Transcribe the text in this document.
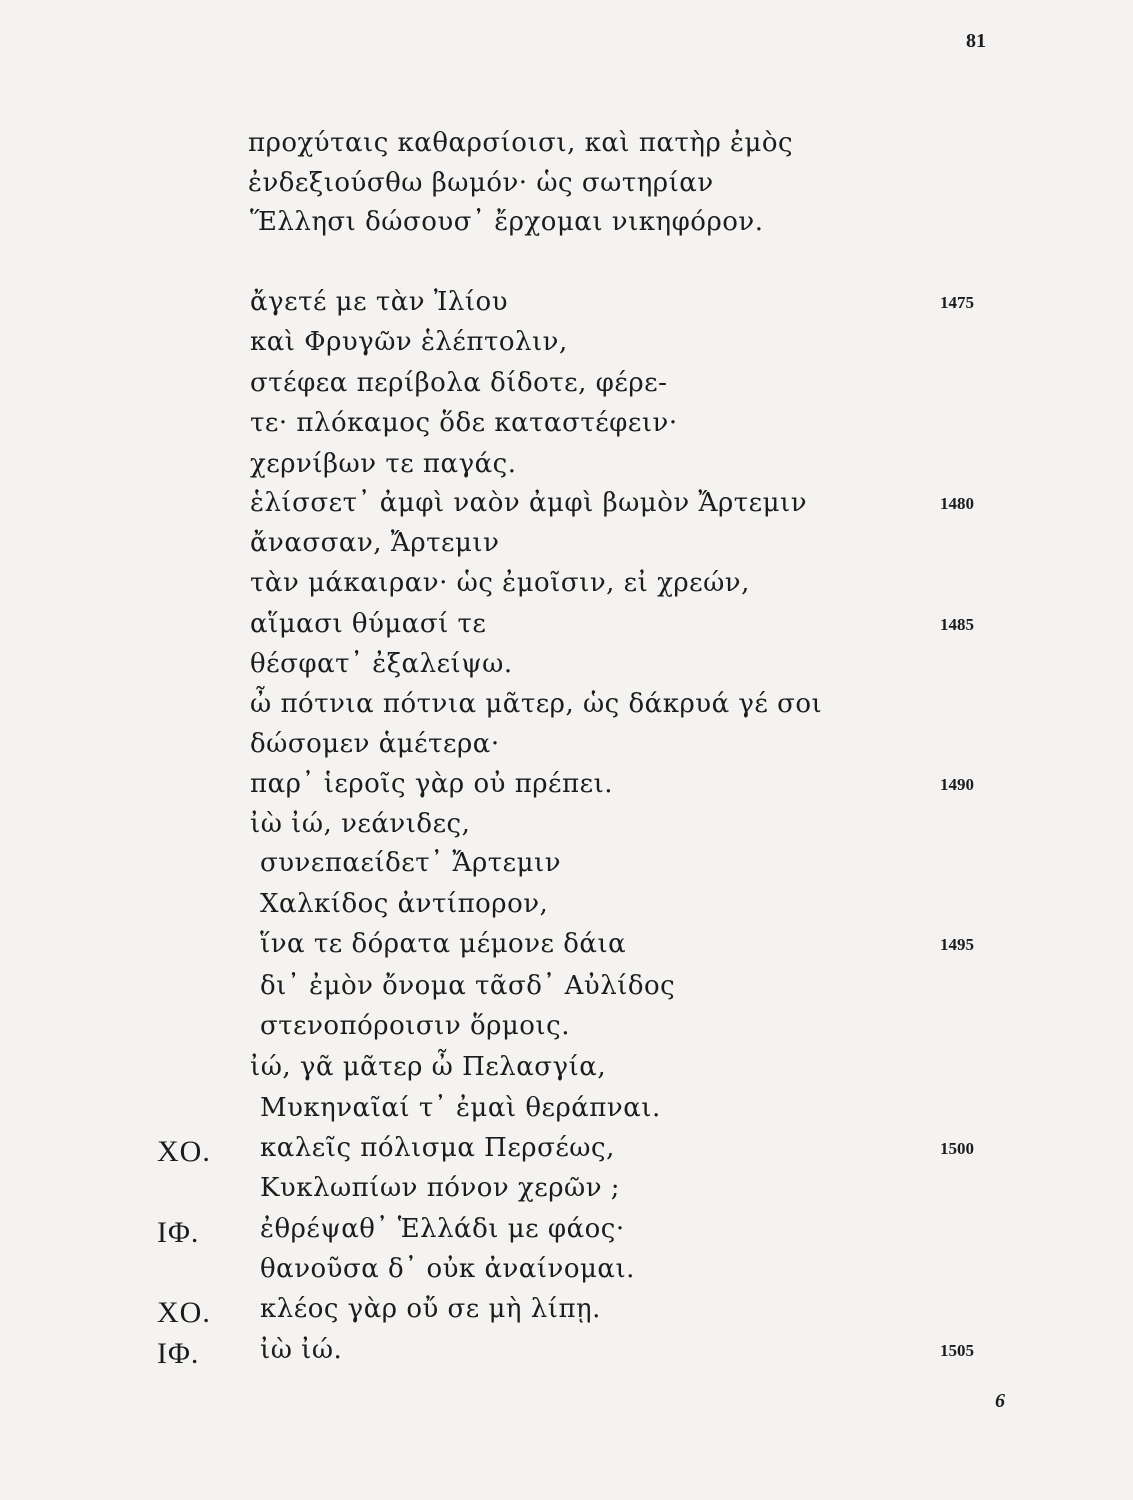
81
προχύταις καθαρσίοισι, καὶ πατὴρ ἐμὸς
ἐνδεξιούσθω βωμόν· ὡς σωτηρίαν
Ἕλλησι δώσουσ᾽ ἔρχομαι νικηφόρον.
ἄγετέ με τὰν Ἰλίου	1475
καὶ Φρυγῶν ἑλέπτολιν,
στέφεα περίβολα δίδοτε, φέρε-
τε· πλόκαμος ὅδε καταστέφειν·
χερνίβων τε παγάς.
ἑλίσσετ᾽ ἀμφὶ ναὸν ἀμφὶ βωμὸν Ἄρτεμιν	1480
ἄνασσαν, Ἄρτεμιν
τὰν μάκαιραν· ὡς ἐμοῖσιν, εἰ χρεών,
αἵμασι θύμασί τε	1485
θέσφατ᾽ ἐξαλείψω.
ὦ πότνια πότνια μᾶτερ, ὡς δάκρυά γέ σοι
δώσομεν ἁμέτερα·
παρ᾽ ἱεροῖς γὰρ οὐ πρέπει.	1490
ἰὼ ἰώ, νεάνιδες,
συνεπαείδετ᾽ Ἄρτεμιν
Χαλκίδος ἀντίπορον,
ἵνα τε δόρατα μέμονε δάια	1495
δι᾽ ἐμὸν ὄνομα τᾶσδ᾽ Αὐλίδος
στενοπόροισιν ὅρμοις.
ἰώ, γᾶ μᾶτερ ὦ Πελασγία,
Μυκηναῖαί τ᾽ ἐμαὶ θεράπναι.
ΧΟ. καλεῖς πόλισμα Περσέως,	1500
Κυκλωπίων πόνον χερῶν ;
ΙΦ. ἐθρέψαθ᾽ Ἑλλάδι με φάος·
θανοῦσα δ᾽ οὐκ ἀναίνομαι.
ΧΟ. κλέος γὰρ οὔ σε μὴ λίπῃ.
ΙΦ. ἰὼ ἰώ.	1505
6
